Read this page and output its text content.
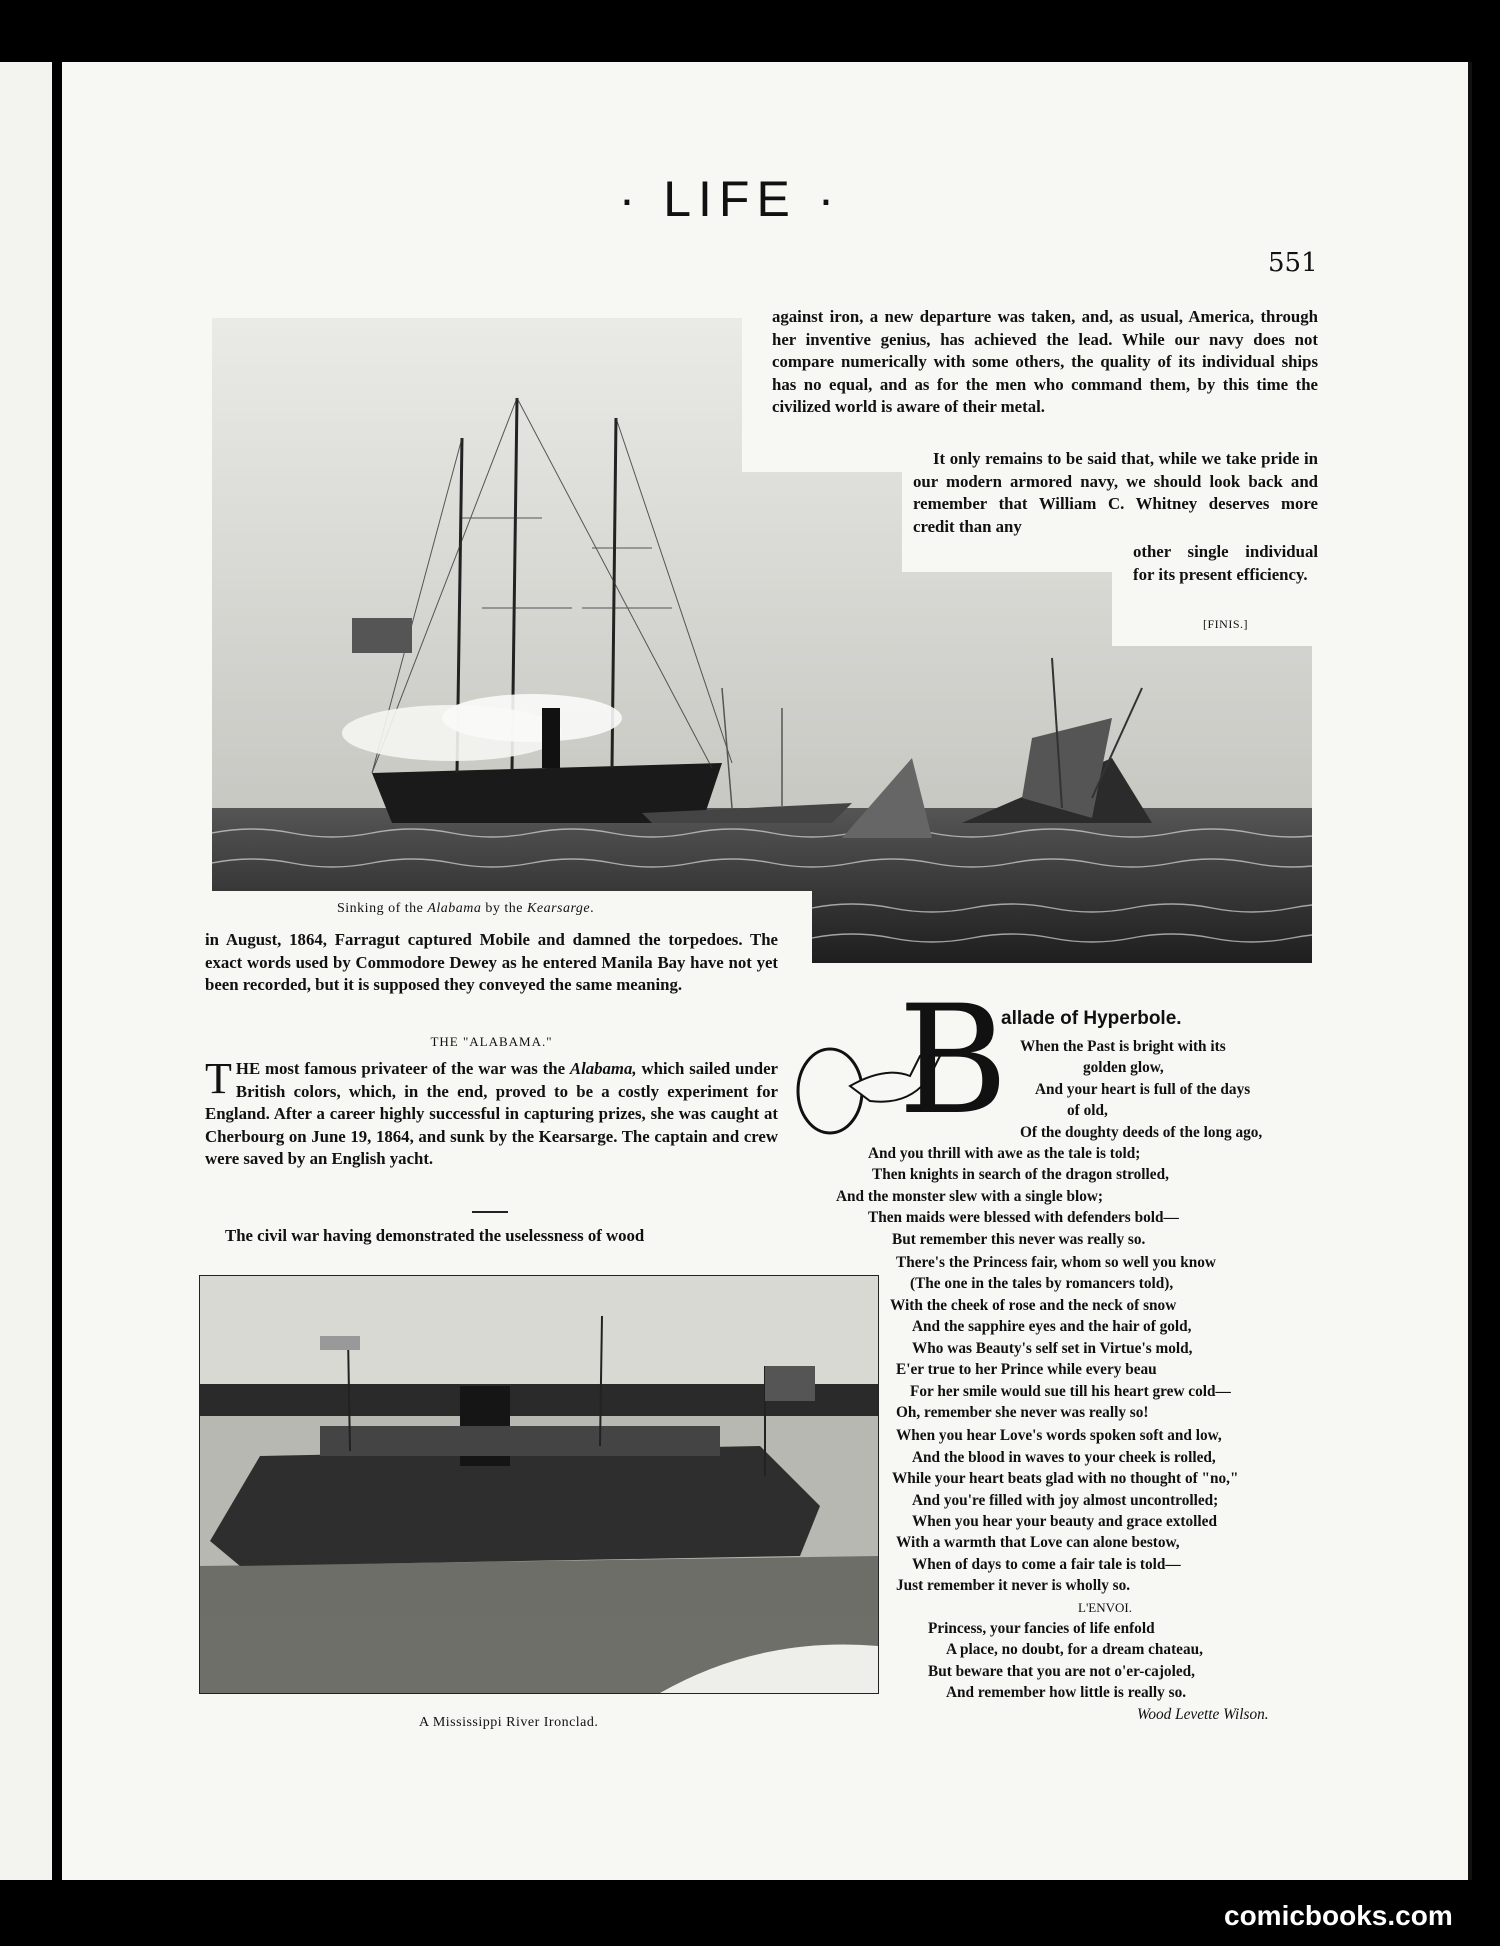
· LIFE ·
551
against iron, a new departure was taken, and, as usual, America, through her inventive genius, has achieved the lead. While our navy does not compare numerically with some others, the quality of its individual ships has no equal, and as for the men who command them, by this time the civilized world is aware of their metal.
It only remains to be said that, while we take pride in our modern armored navy, we should look back and remember that William C. Whitney deserves more credit than any
other single individual for its present efficiency.
[FINIS.]
Sinking of the Alabama by the Kearsarge.
in August, 1864, Farragut captured Mobile and damned the torpedoes. The exact words used by Commodore Dewey as he entered Manila Bay have not yet been recorded, but it is supposed they conveyed the same meaning.
THE "ALABAMA."
THE most famous privateer of the war was the Alabama, which sailed under British colors, which, in the end, proved to be a costly experiment for England. After a career highly successful in capturing prizes, she was caught at Cherbourg on June 19, 1864, and sunk by the Kearsarge. The captain and crew were saved by an English yacht.
The civil war having demonstrated the uselessness of wood
A Mississippi River Ironclad.
B
allade of Hyperbole.
When the Past is bright with its
golden glow,
And your heart is full of the days
of old,
Of the doughty deeds of the long ago,
And you thrill with awe as the tale is told;
Then knights in search of the dragon strolled,
And the monster slew with a single blow;
Then maids were blessed with defenders bold—
But remember this never was really so.
There's the Princess fair, whom so well you know
(The one in the tales by romancers told),
With the cheek of rose and the neck of snow
And the sapphire eyes and the hair of gold,
Who was Beauty's self set in Virtue's mold,
E'er true to her Prince while every beau
For her smile would sue till his heart grew cold—
Oh, remember she never was really so!
When you hear Love's words spoken soft and low,
And the blood in waves to your cheek is rolled,
While your heart beats glad with no thought of "no,"
And you're filled with joy almost uncontrolled;
When you hear your beauty and grace extolled
With a warmth that Love can alone bestow,
When of days to come a fair tale is told—
Just remember it never is wholly so.
L'ENVOI.
Princess, your fancies of life enfold
A place, no doubt, for a dream chateau,
But beware that you are not o'er-cajoled,
And remember how little is really so.
Wood Levette Wilson.
comicbooks.com
